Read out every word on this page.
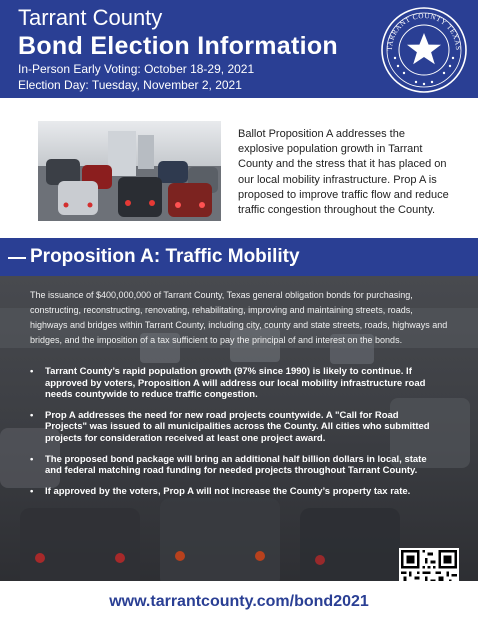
Tarrant County
Bond Election Information
In-Person Early Voting: October 18-29, 2021
Election Day: Tuesday, November 2, 2021
TARRANT COUNTY TEXAS
Ballot Proposition A addresses the explosive population growth in Tarrant County and the stress that it has placed on our local mobility infrastructure. Prop A is proposed to improve traffic flow and reduce traffic congestion throughout the County.
Proposition A: Traffic Mobility
The issuance of $400,000,000 of Tarrant County, Texas general obligation bonds for purchasing, constructing, reconstructing, renovating, rehabilitating, improving and maintaining streets, roads, highways and bridges within Tarrant County, including city, county and state streets, roads, highways and bridges, and the imposition of a tax sufficient to pay the principal of and interest on the bonds.
•	Tarrant County’s rapid population growth (97% since 1990) is likely to continue. If approved by voters, Proposition A will address our local mobility infrastructure road needs countywide to reduce traffic congestion.
•	Prop A addresses the need for new road projects countywide. A "Call for Road Projects" was issued to all municipalities across the County. All cities who submitted projects for consideration received at least one project award.
•	The proposed bond package will bring an additional half billion dollars in local, state and federal matching road funding for needed projects throughout Tarrant County.
•	If approved by the voters, Prop A will not increase the County’s property tax rate.
www.tarrantcounty.com/bond2021
